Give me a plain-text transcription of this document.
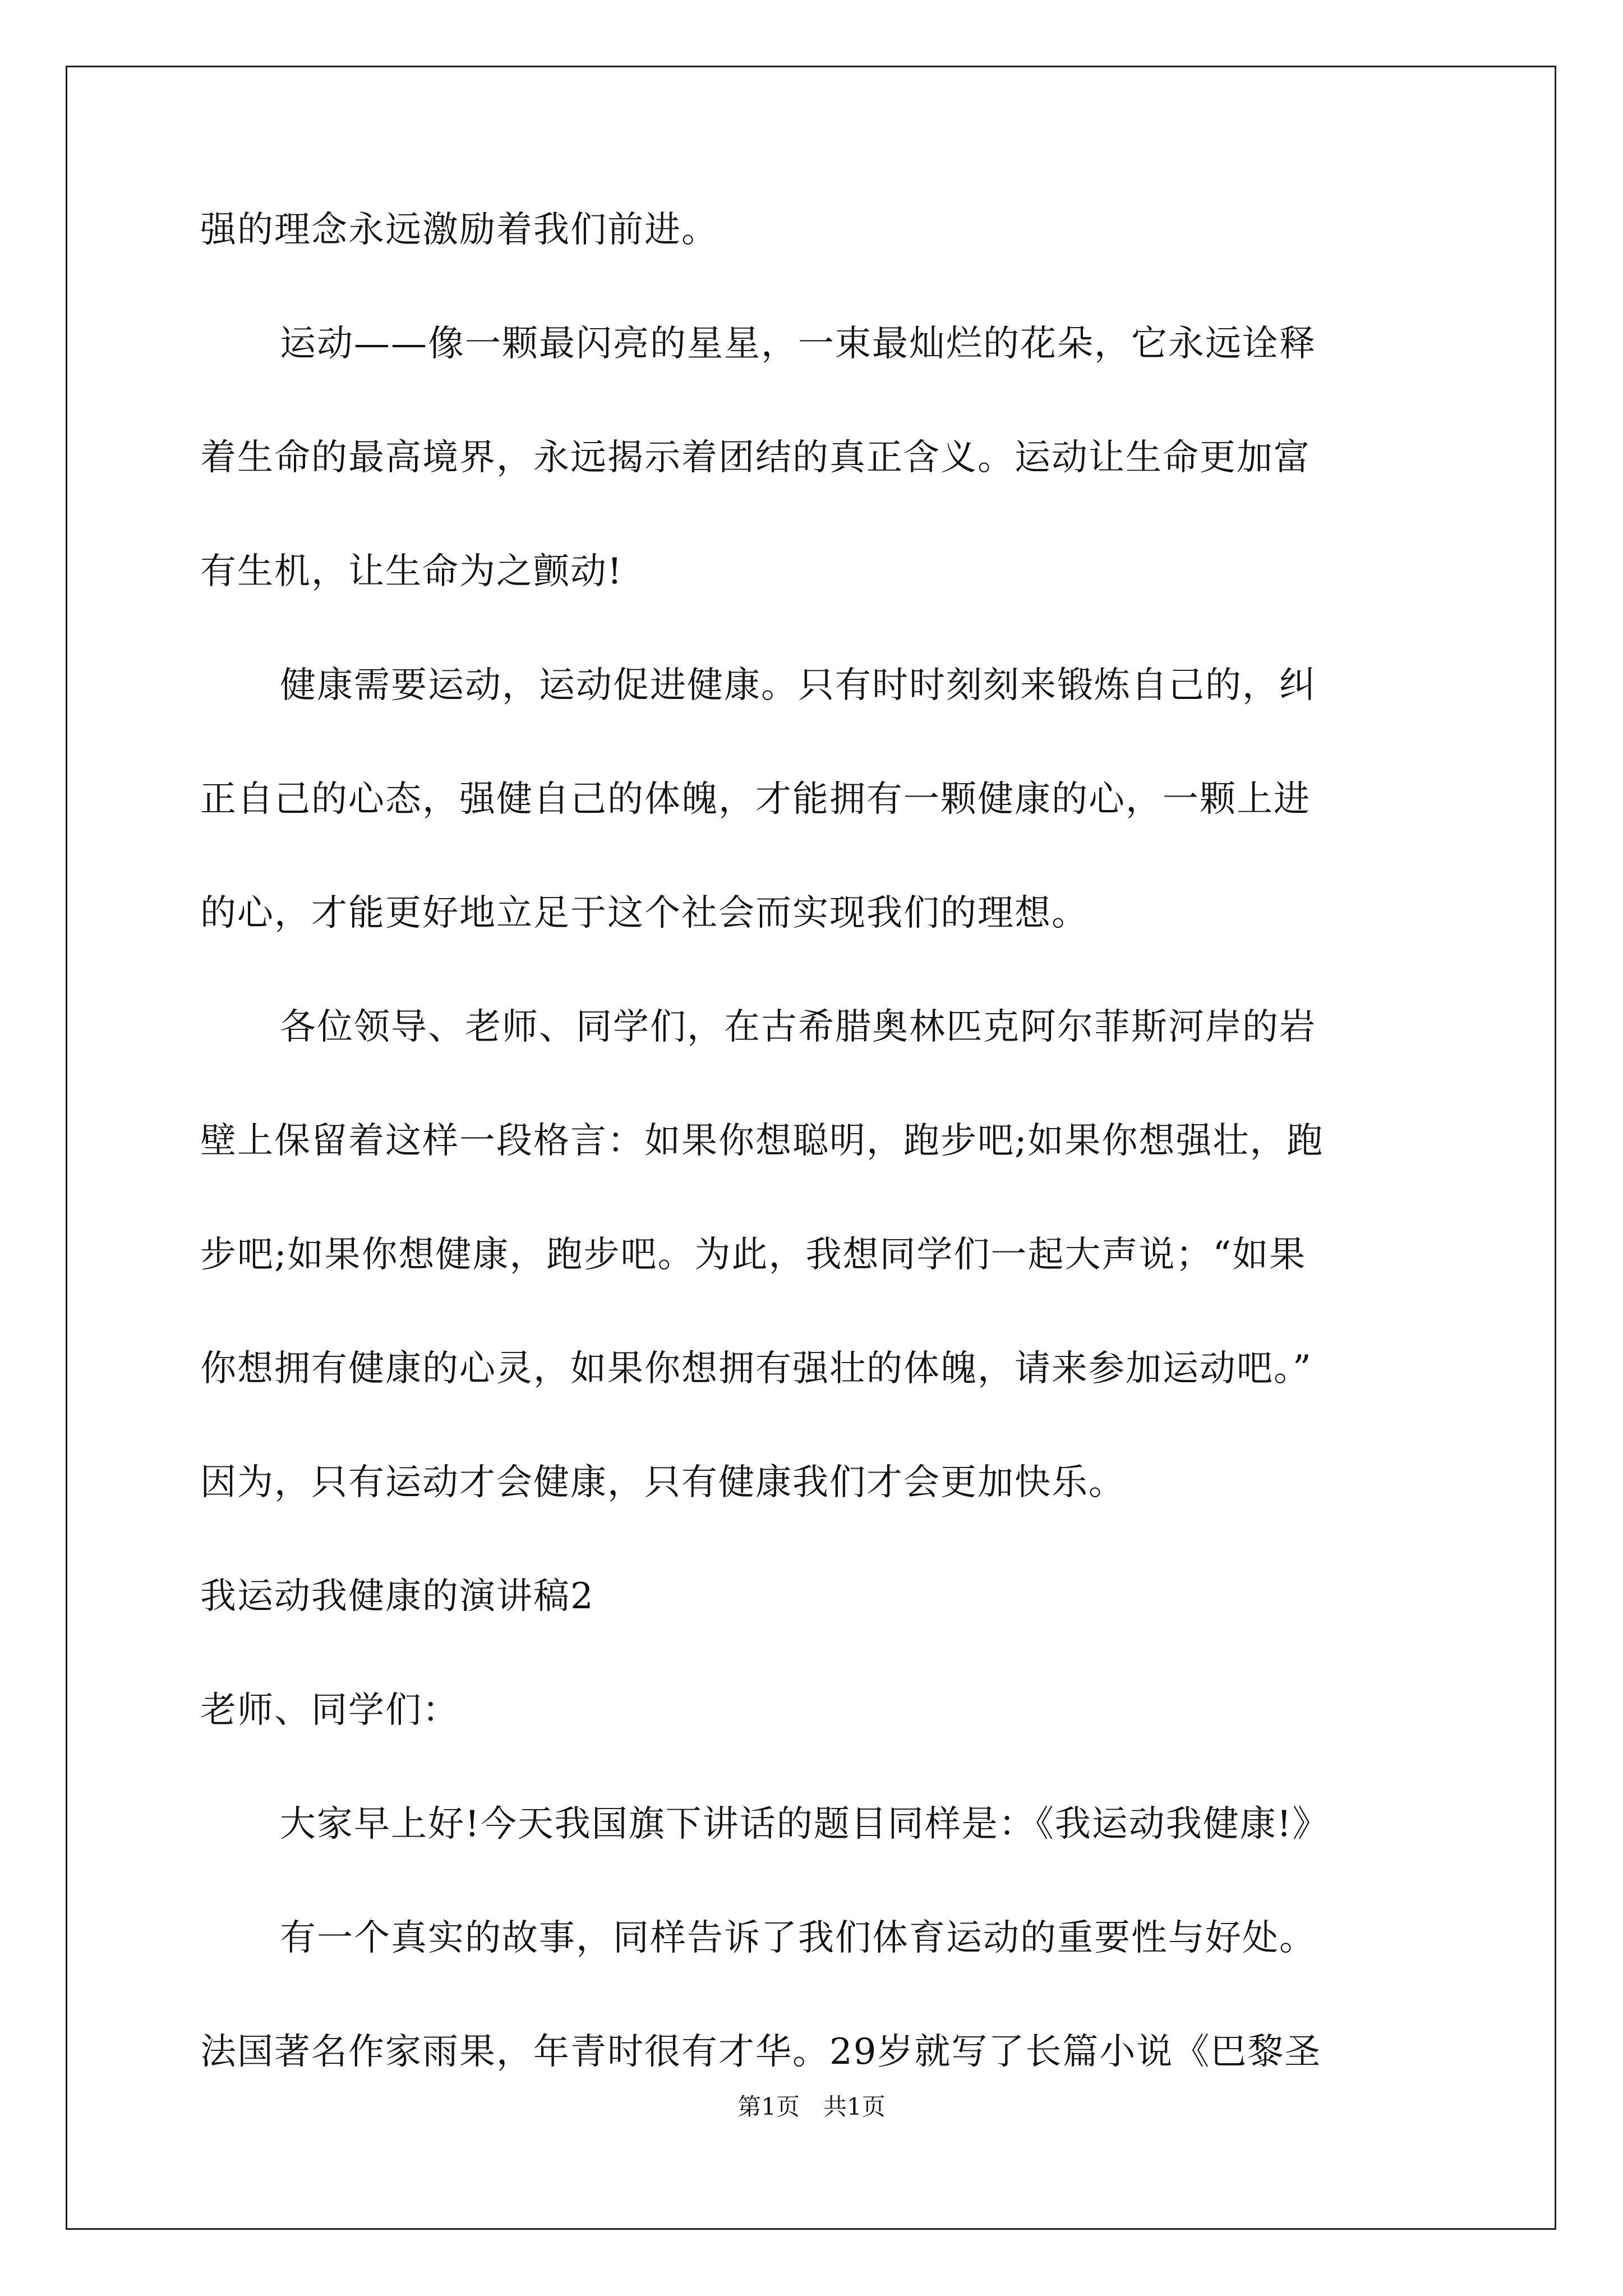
强的理念永远激励着我们前进。
运动——像一颗最闪亮的星星，一束最灿烂的花朵，它永远诠释
着生命的最高境界，永远揭示着团结的真正含义。运动让生命更加富
有生机，让生命为之颤动!
健康需要运动，运动促进健康。只有时时刻刻来锻炼自己的，纠
正自己的心态，强健自己的体魄，才能拥有一颗健康的心，一颗上进
的心，才能更好地立足于这个社会而实现我们的理想。
各位领导、老师、同学们，在古希腊奥林匹克阿尔菲斯河岸的岩
壁上保留着这样一段格言：如果你想聪明，跑步吧;如果你想强壮，跑
步吧;如果你想健康，跑步吧。为此，我想同学们一起大声说；“如果
你想拥有健康的心灵，如果你想拥有强壮的体魄，请来参加运动吧。”
因为，只有运动才会健康，只有健康我们才会更加快乐。
我运动我健康的演讲稿2
老师、同学们：
大家早上好!今天我国旗下讲话的题目同样是：《我运动我健康!》
有一个真实的故事，同样告诉了我们体育运动的重要性与好处。
法国著名作家雨果，年青时很有才华。29岁就写了长篇小说《巴黎圣
第1页　共1页
